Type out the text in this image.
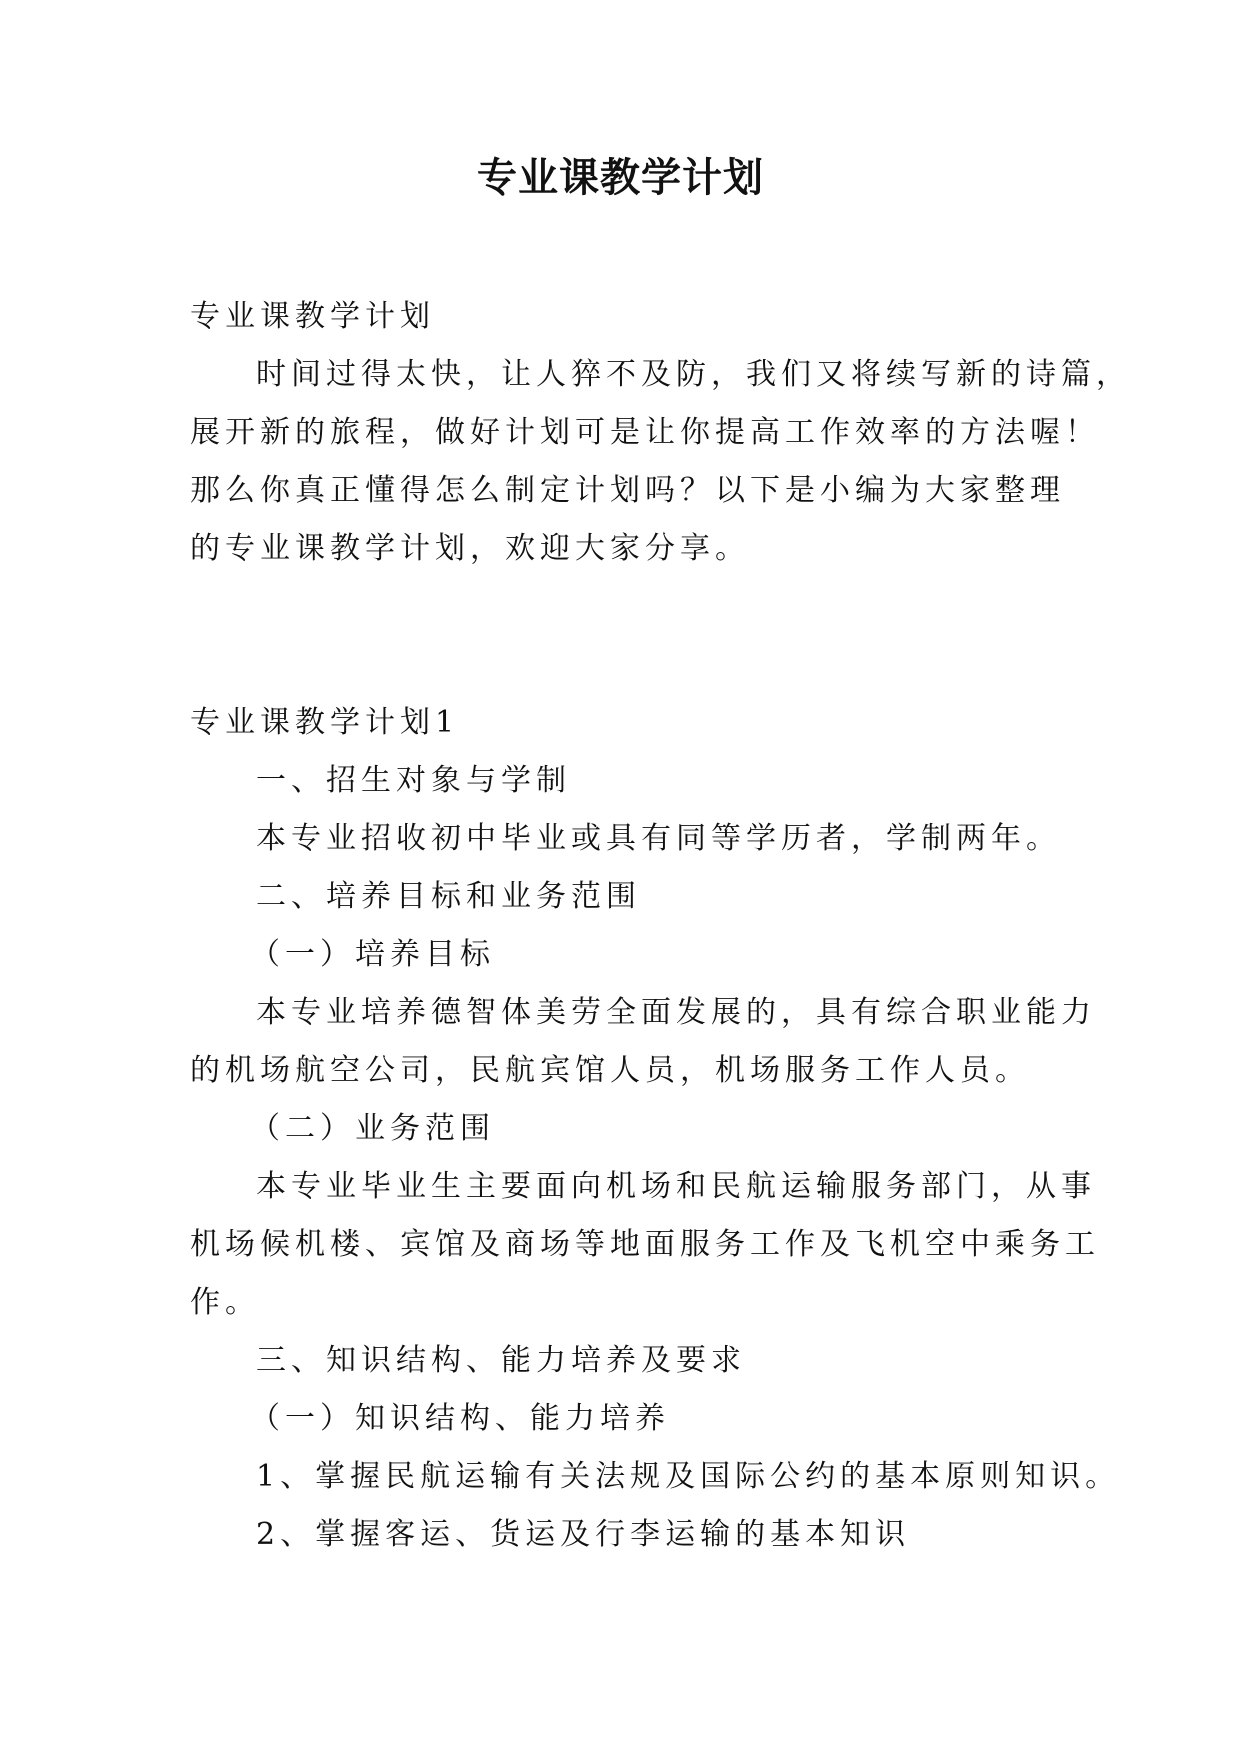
专业课教学计划

专业课教学计划

时间过得太快，让人猝不及防，我们又将续写新的诗篇，

展开新的旅程，做好计划可是让你提高工作效率的方法喔！

那么你真正懂得怎么制定计划吗？以下是小编为大家整理

的专业课教学计划，欢迎大家分享。

专业课教学计划1

一、招生对象与学制

本专业招收初中毕业或具有同等学历者，学制两年。

二、培养目标和业务范围

（一）培养目标

本专业培养德智体美劳全面发展的，具有综合职业能力

的机场航空公司，民航宾馆人员，机场服务工作人员。

（二）业务范围

本专业毕业生主要面向机场和民航运输服务部门，从事

机场候机楼、宾馆及商场等地面服务工作及飞机空中乘务工

作。

三、知识结构、能力培养及要求

（一）知识结构、能力培养

1、掌握民航运输有关法规及国际公约的基本原则知识。

2、掌握客运、货运及行李运输的基本知识
